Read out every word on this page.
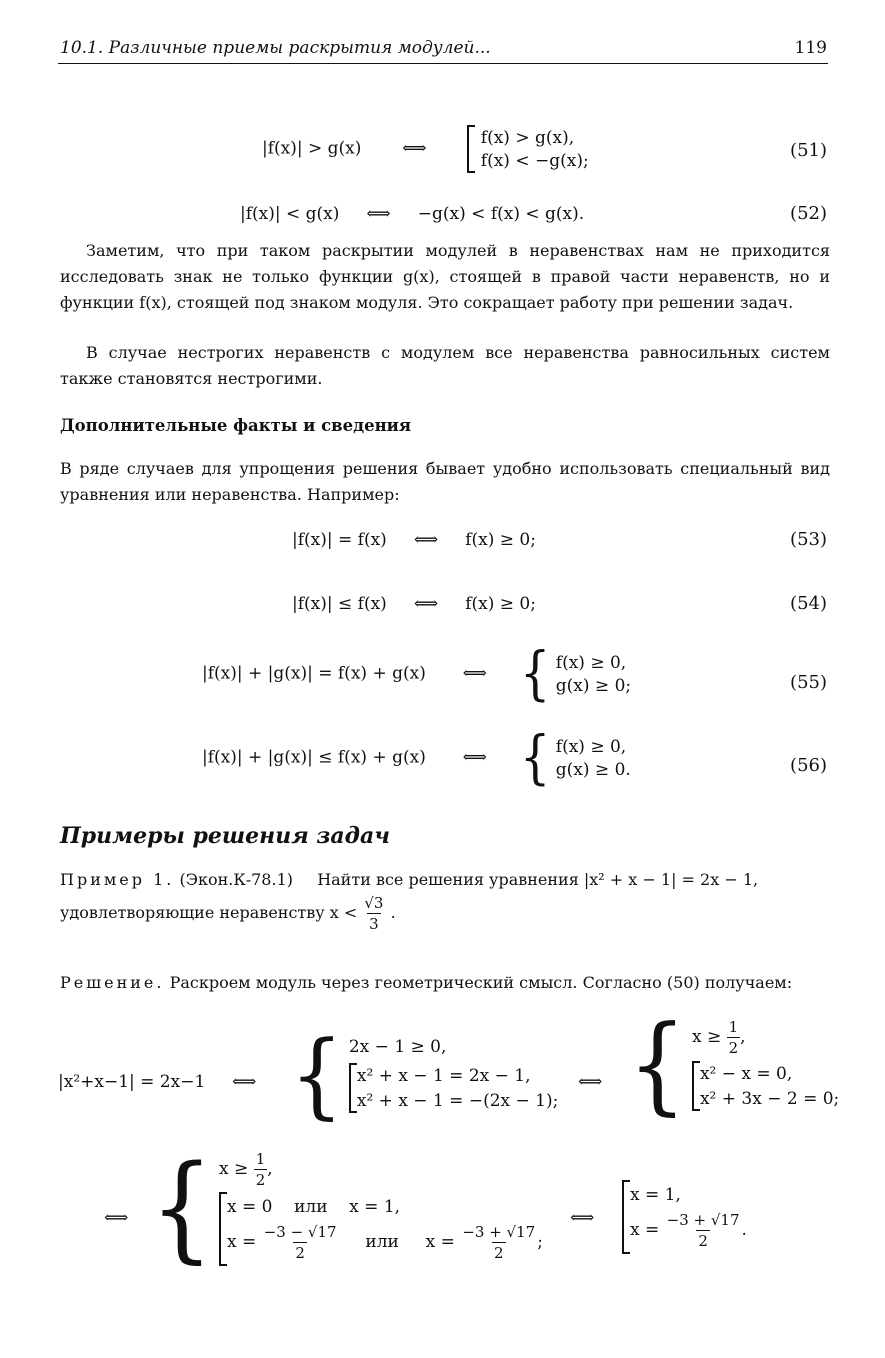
10.1. Различные приемы раскрытия модулей...	119
|f(x)| > g(x) ⟺
f(x) > g(x),
f(x) < −g(x);	(51)
|f(x)| < g(x)     ⟺     −g(x) < f(x) < g(x).	(52)
Заметим, что при таком раскрытии модулей в неравенствах нам не приходится исследовать знак не только функции g(x), стоящей в правой части неравенств, но и функции f(x), стоящей под знаком модуля. Это сокращает работу при решении задач.
В случае нестрогих неравенств с модулем все неравенства равносильных систем также становятся нестрогими.
Дополнительные факты и сведения
В ряде случаев для упрощения решения бывает удобно использовать специальный вид уравнения или неравенства. Например:
|f(x)| = f(x)     ⟺     f(x) ≥ 0;	(53)
|f(x)| ≤ f(x)     ⟺     f(x) ≥ 0;	(54)
|f(x)| + |g(x)| = f(x) + g(x) ⟺ { f(x) ≥ 0,
g(x) ≥ 0;	(55)
|f(x)| + |g(x)| ≤ f(x) + g(x) ⟺ { f(x) ≥ 0,
g(x) ≥ 0.	(56)
Примеры решения задач
Пример 1. (Экон.К-78.1) Найти все решения уравнения |x² + x − 1| = 2x − 1,
удовлетворяющие неравенству $x < \frac{√3}{3}$ .
Решение. Раскроем модуль через геометрический смысл. Согласно (50) получаем:
|x²+x−1| = 2x−1 ⟺ { 2x − 1 ≥ 0,
x² + x − 1 = 2x − 1,
x² + x − 1 = −(2x − 1);
⟺ { $x \ge \frac{1}{2}$ ,
x² − x = 0,
x² + 3x − 2 = 0;
⟺ { $x \ge \frac{1}{2}$ ,
x = 0    или    x = 1,
$x = \frac{-3 - √17}{2}$ или $x = \frac{-3 + √17}{2}$ ;
⟺
x = 1,
$x = \frac{-3 + √17}{2}$ .
